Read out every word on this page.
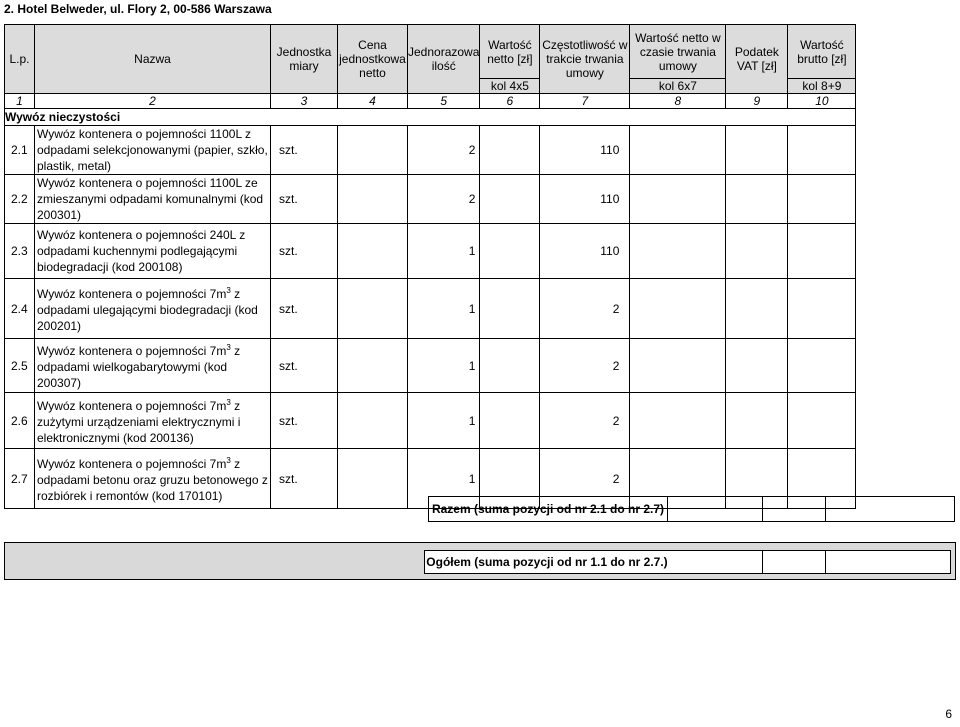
2. Hotel Belweder, ul. Flory 2, 00-586 Warszawa
L.p.	Nazwa	Jednostka miary	Cena jednostkowa netto	Jednorazowa ilość	Wartość netto [zł]	Częstotliwość w trakcie trwania umowy	Wartość netto w czasie trwania umowy	Podatek VAT [zł]	Wartość brutto [zł]
					kol 4x5		kol 6x7		kol 8+9
1	2	3	4	5	6	7	8	9	10
Wywóz nieczystości									
2.1	Wywóz kontenera o pojemności 1100L z odpadami selekcjonowanymi (papier, szkło, plastik, metal)	szt.		2		110			
2.2	Wywóz kontenera o pojemności 1100L ze zmieszanymi odpadami komunalnymi (kod 200301)	szt.		2		110			
2.3	Wywóz kontenera o pojemności 240L z odpadami kuchennymi podlegającymi biodegradacji (kod 200108)	szt.		1		110			
2.4	Wywóz kontenera o pojemności $7m^3$ z odpadami ulegającymi biodegradacji (kod 200201)	szt.		1		2			
2.5	Wywóz kontenera o pojemności $7m^3$ z odpadami wielkogabarytowymi (kod 200307)	szt.		1		2			
2.6	Wywóz kontenera o pojemności $7m^3$ z zużytymi urządzeniami elektrycznymi i elektronicznymi (kod 200136)	szt.		1		2			
2.7	Wywóz kontenera o pojemności $7m^3$ z odpadami betonu oraz gruzu betonowego z rozbiórek i remontów (kod 170101)	szt.		1		2			
Razem (suma pozycji od nr 2.1 do nr 2.7)
Ogółem (suma pozycji od nr 1.1 do nr 2.7.)
6
